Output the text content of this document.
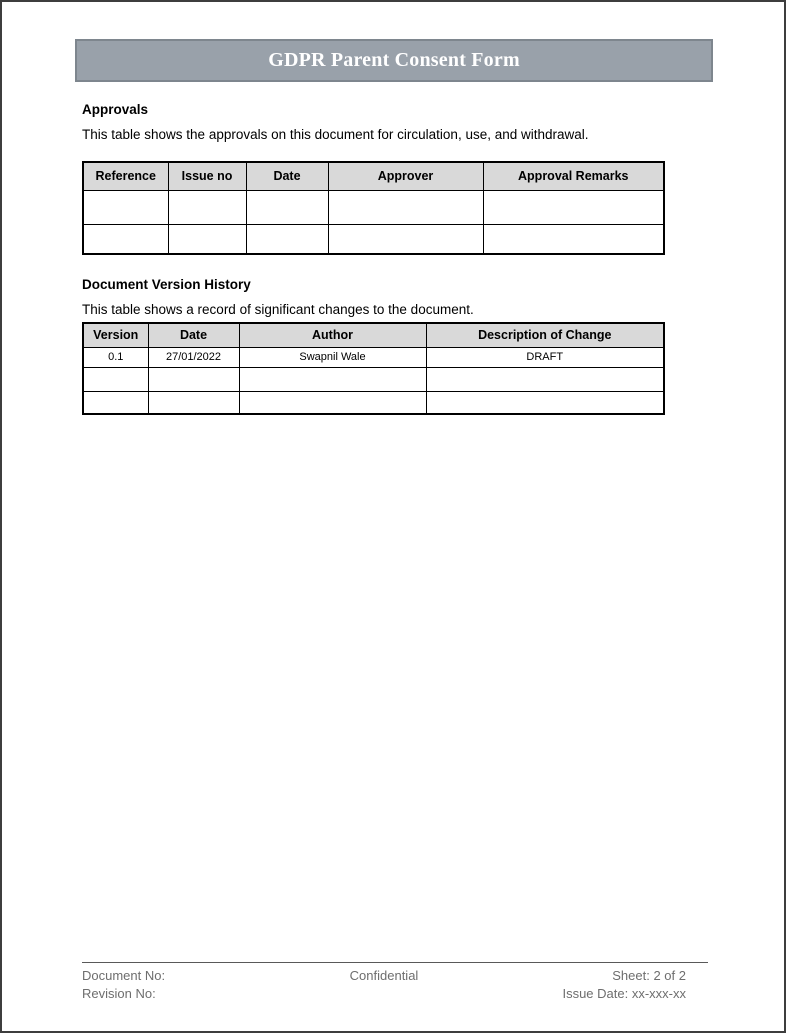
GDPR Parent Consent Form
Approvals
This table shows the approvals on this document for circulation, use, and withdrawal.
Reference	Issue no	Date	Approver	Approval Remarks

Document Version History
This table shows a record of significant changes to the document.
Version	Date	Author	Description of Change
0.1	27/01/2022	Swapnil Wale	DRAFT

Document No:
Revision No:
Confidential	Sheet: 2 of 2
Issue Date: xx-xxx-xx
